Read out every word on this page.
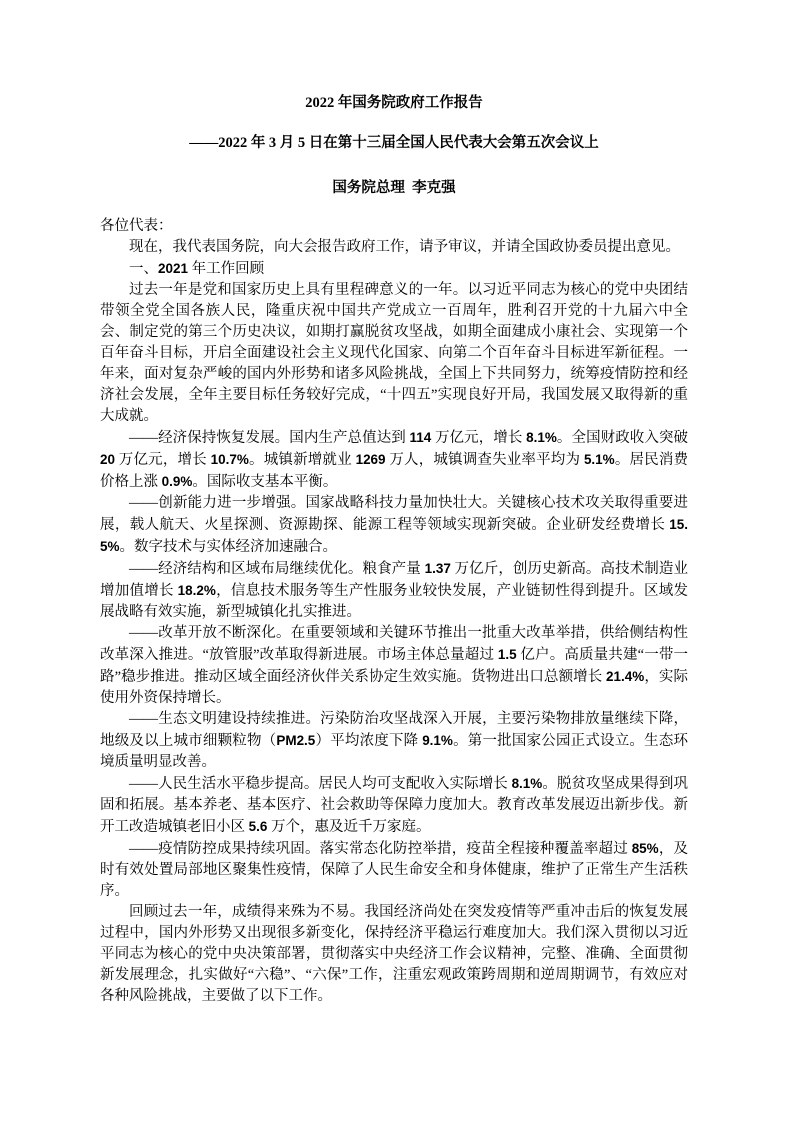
2022 年国务院政府工作报告
——2022 年 3 月 5 日在第十三届全国人民代表大会第五次会议上
国务院总理 李克强

各位代表：

现在，我代表国务院，向大会报告政府工作，请予审议，并请全国政协委员提出意见。

一、2021 年工作回顾

过去一年是党和国家历史上具有里程碑意义的一年。以习近平同志为核心的党中央团结带领全党全国各族人民，隆重庆祝中国共产党成立一百周年，胜利召开党的十九届六中全会、制定党的第三个历史决议，如期打赢脱贫攻坚战，如期全面建成小康社会、实现第一个百年奋斗目标，开启全面建设社会主义现代化国家、向第二个百年奋斗目标进军新征程。一年来，面对复杂严峻的国内外形势和诸多风险挑战，全国上下共同努力，统筹疫情防控和经济社会发展，全年主要目标任务较好完成，“十四五”实现良好开局，我国发展又取得新的重大成就。

——经济保持恢复发展。国内生产总值达到 114 万亿元，增长 8.1%。全国财政收入突破 20 万亿元，增长 10.7%。城镇新增就业 1269 万人，城镇调查失业率平均为 5.1%。居民消费价格上涨 0.9%。国际收支基本平衡。

——创新能力进一步增强。国家战略科技力量加快壮大。关键核心技术攻关取得重要进展，载人航天、火星探测、资源勘探、能源工程等领域实现新突破。企业研发经费增长 15.5%。数字技术与实体经济加速融合。

——经济结构和区域布局继续优化。粮食产量 1.37 万亿斤，创历史新高。高技术制造业增加值增长 18.2%，信息技术服务等生产性服务业较快发展，产业链韧性得到提升。区域发展战略有效实施，新型城镇化扎实推进。

——改革开放不断深化。在重要领域和关键环节推出一批重大改革举措，供给侧结构性改革深入推进。“放管服”改革取得新进展。市场主体总量超过 1.5 亿户。高质量共建“一带一路”稳步推进。推动区域全面经济伙伴关系协定生效实施。货物进出口总额增长 21.4%，实际使用外资保持增长。

——生态文明建设持续推进。污染防治攻坚战深入开展，主要污染物排放量继续下降，地级及以上城市细颗粒物（PM2.5）平均浓度下降 9.1%。第一批国家公园正式设立。生态环境质量明显改善。

——人民生活水平稳步提高。居民人均可支配收入实际增长 8.1%。脱贫攻坚成果得到巩固和拓展。基本养老、基本医疗、社会救助等保障力度加大。教育改革发展迈出新步伐。新开工改造城镇老旧小区 5.6 万个，惠及近千万家庭。

——疫情防控成果持续巩固。落实常态化防控举措，疫苗全程接种覆盖率超过 85%，及时有效处置局部地区聚集性疫情，保障了人民生命安全和身体健康，维护了正常生产生活秩序。

回顾过去一年，成绩得来殊为不易。我国经济尚处在突发疫情等严重冲击后的恢复发展过程中，国内外形势又出现很多新变化，保持经济平稳运行难度加大。我们深入贯彻以习近平同志为核心的党中央决策部署，贯彻落实中央经济工作会议精神，完整、准确、全面贯彻新发展理念，扎实做好“六稳”、“六保”工作，注重宏观政策跨周期和逆周期调节，有效应对各种风险挑战，主要做了以下工作。
